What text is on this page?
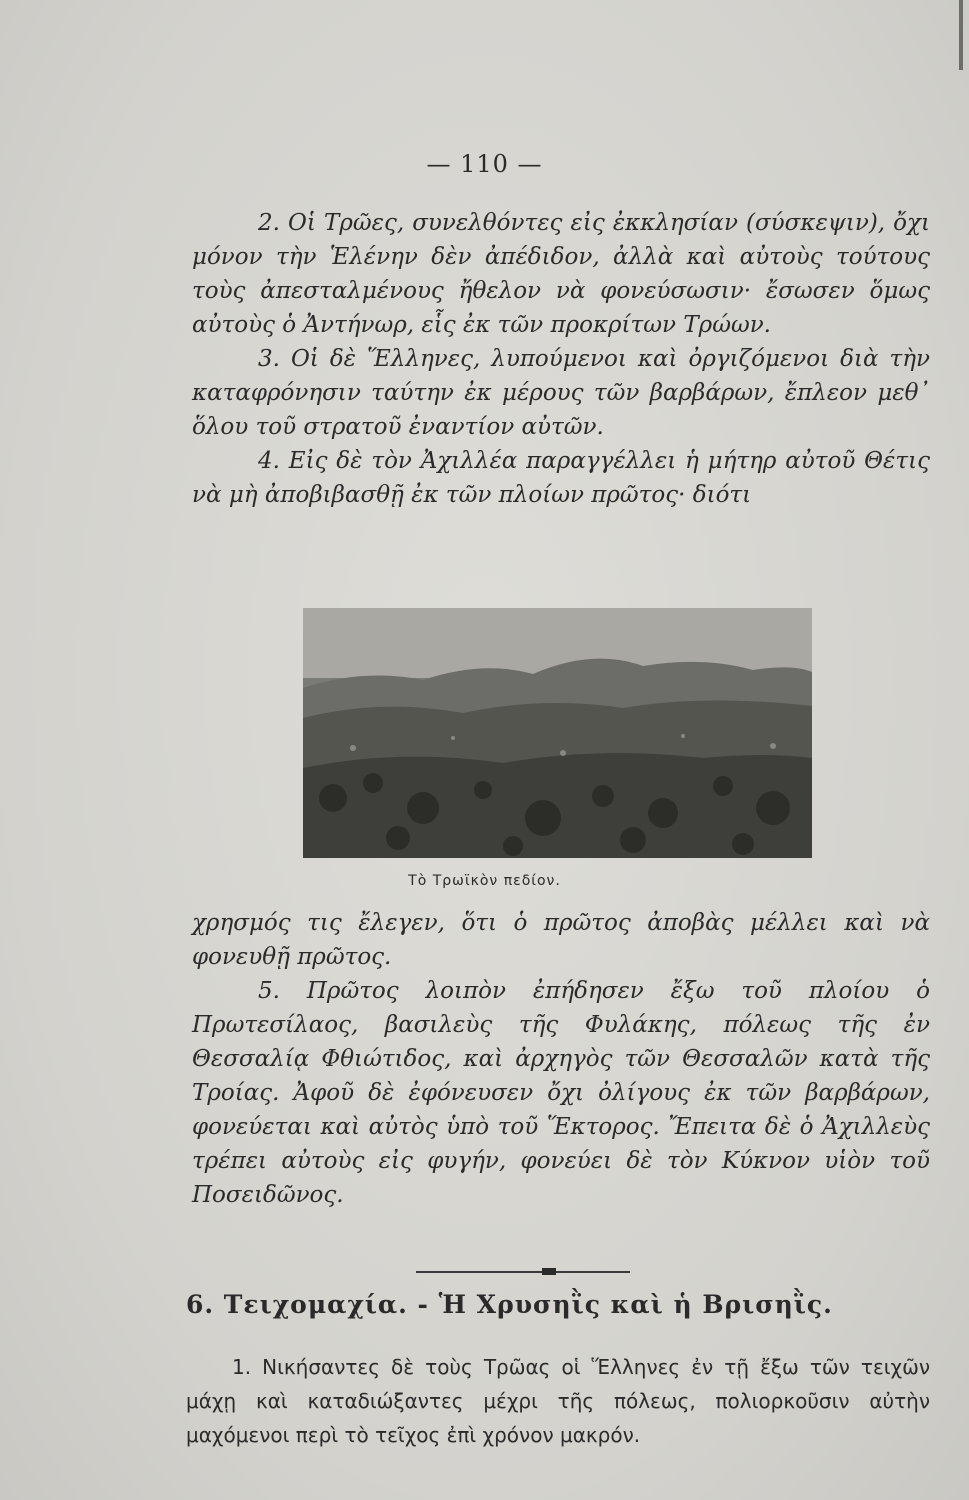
— 110 —

2. Οἱ Τρῶες, συνελθόντες εἰς ἐκκλησίαν (σύσκεψιν), ὄχι μόνον τὴν Ἑλένην δὲν ἀπέδιδον, ἀλλὰ καὶ αὐτοὺς τούτους τοὺς ἀπεσταλμένους ἤθελον νὰ φονεύσωσιν· ἔσωσεν ὅμως αὐτοὺς ὁ Ἀντήνωρ, εἷς ἐκ τῶν προκρίτων Τρώων.

3. Οἱ δὲ Ἕλληνες, λυπούμενοι καὶ ὀργιζόμενοι διὰ τὴν καταφρόνησιν ταύτην ἐκ μέρους τῶν βαρβάρων, ἔπλεον μεθ᾽ ὅλου τοῦ στρατοῦ ἐναντίον αὐτῶν.

4. Εἰς δὲ τὸν Ἀχιλλέα παραγγέλλει ἡ μήτηρ αὐτοῦ Θέτις νὰ μὴ ἀποβιβασθῇ ἐκ τῶν πλοίων πρῶτος· διότι

Τὸ Τρωϊκὸν πεδίον.

χρησμός τις ἔλεγεν, ὅτι ὁ πρῶτος ἀποβὰς μέλλει καὶ νὰ φονευθῇ πρῶτος.

5. Πρῶτος λοιπὸν ἐπήδησεν ἔξω τοῦ πλοίου ὁ Πρωτεσίλαος, βασιλεὺς τῆς Φυλάκης, πόλεως τῆς ἐν Θεσσαλίᾳ Φθιώτιδος, καὶ ἀρχηγὸς τῶν Θεσσαλῶν κατὰ τῆς Τροίας. Ἀφοῦ δὲ ἐφόνευσεν ὄχι ὀλίγους ἐκ τῶν βαρβάρων, φονεύεται καὶ αὐτὸς ὑπὸ τοῦ Ἕκτορος. Ἔπειτα δὲ ὁ Ἀχιλλεὺς τρέπει αὐτοὺς εἰς φυγήν, φονεύει δὲ τὸν Κύκνον υἱὸν τοῦ Ποσειδῶνος.

6. Τειχομαχία. - Ἡ Χρυσηῒς καὶ ἡ Βρισηῒς.

1. Νικήσαντες δὲ τοὺς Τρῶας οἱ Ἕλληνες ἐν τῇ ἔξω τῶν τειχῶν μάχῃ καὶ καταδιώξαντες μέχρι τῆς πόλεως, πολιορκοῦσιν αὐτὴν μαχόμενοι περὶ τὸ τεῖχος ἐπὶ χρόνον μακρόν.
